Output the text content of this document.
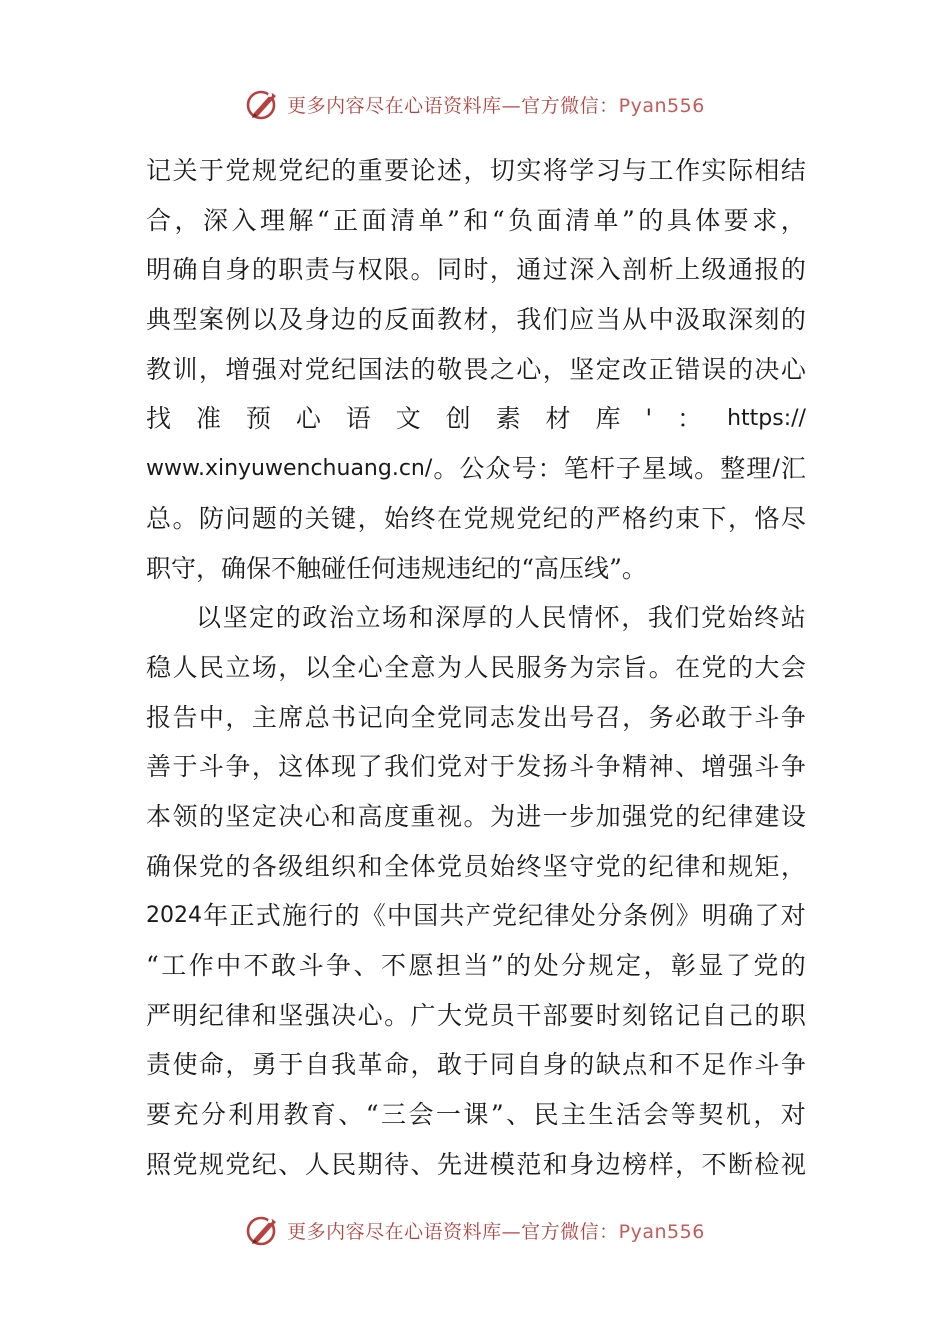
更多内容尽在心语资料库—官方微信：Pyan556
记 关 于 党 规 党 纪 的 重 要 论 述 ， 切 实 将 学 习 与 工 作 实 际 相 结
合 ， 深 入 理 解 “ 正 面 清 单 ” 和 “ 负 面 清 单 ” 的 具 体 要 求 ，
明 确 自 身 的 职 责 与 权 限 。 同 时 ， 通 过 深 入 剖 析 上 级 通 报 的
典 型 案 例 以 及 身 边 的 反 面 教 材 ， 我 们 应 当 从 中 汲 取 深 刻 的
教 训 ， 增 强 对 党 纪 国 法 的 敬 畏 之 心 ， 坚 定 改 正 错 误 的 决 心
找 准 预 心 语 文 创 素 材 库 ' ： https://
www.xinyuwenchuang.cn/ 。 公 众 号 ： 笔 杆 子 星 域 。 整 理 / 汇
总 。 防 问 题 的 关 键 ， 始 终 在 党 规 党 纪 的 严 格 约 束 下 ， 恪 尽
职 守 ， 确 保 不 触 碰 任 何 违 规 违 纪 的 “ 高 压 线 ” 。
以 坚 定 的 政 治 立 场 和 深 厚 的 人 民 情 怀 ， 我 们 党 始 终 站
稳 人 民 立 场 ， 以 全 心 全 意 为 人 民 服 务 为 宗 旨 。 在 党 的 大 会
报 告 中 ， 主 席 总 书 记 向 全 党 同 志 发 出 号 召 ， 务 必 敢 于 斗 争
善 于 斗 争 ， 这 体 现 了 我 们 党 对 于 发 扬 斗 争 精 神 、 增 强 斗 争
本 领 的 坚 定 决 心 和 高 度 重 视 。 为 进 一 步 加 强 党 的 纪 律 建 设
确 保 党 的 各 级 组 织 和 全 体 党 员 始 终 坚 守 党 的 纪 律 和 规 矩 ，
2024 年 正 式 施 行 的 《 中 国 共 产 党 纪 律 处 分 条 例 》 明 确 了 对
“ 工 作 中 不 敢 斗 争 、 不 愿 担 当 ” 的 处 分 规 定 ， 彰 显 了 党 的
严 明 纪 律 和 坚 强 决 心 。 广 大 党 员 干 部 要 时 刻 铭 记 自 己 的 职
责 使 命 ， 勇 于 自 我 革 命 ， 敢 于 同 自 身 的 缺 点 和 不 足 作 斗 争
要 充 分 利 用 教 育 、 “ 三 会 一 课 ” 、 民 主 生 活 会 等 契 机 ， 对
照 党 规 党 纪 、 人 民 期 待 、 先 进 模 范 和 身 边 榜 样 ， 不 断 检 视
更多内容尽在心语资料库—官方微信：Pyan556
